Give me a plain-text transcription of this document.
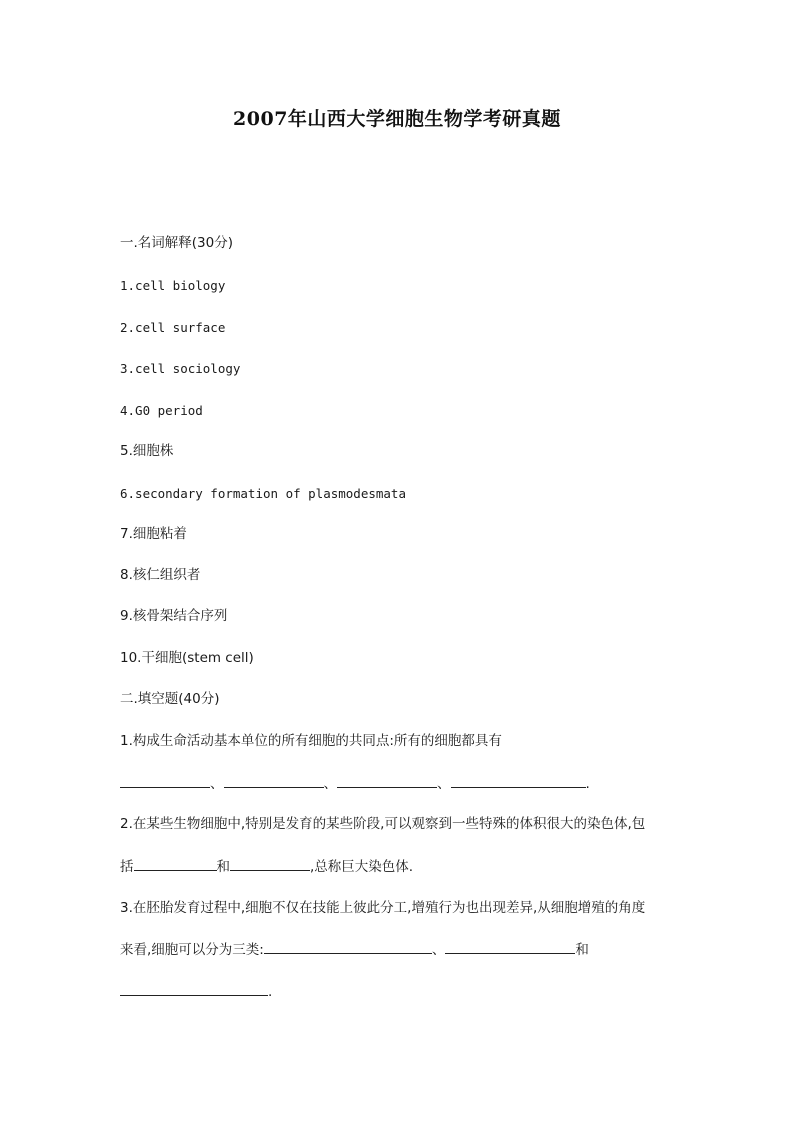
2007年山西大学细胞生物学考研真题
一.名词解释(30分)
1.cell biology
2.cell surface
3.cell sociology
4.G0 period
5.细胞株
6.secondary formation of plasmodesmata
7.细胞粘着
8.核仁组织者
9.核骨架结合序列
10.干细胞(stem cell)
二.填空题(40分)
1.构成生命活动基本单位的所有细胞的共同点:所有的细胞都具有
、	、	、	.
2.在某些生物细胞中,特别是发育的某些阶段,可以观察到一些特殊的体积很大的染色体,包
括	和	,总称巨大染色体.
3.在胚胎发育过程中,细胞不仅在技能上彼此分工,增殖行为也出现差异,从细胞增殖的角度
来看,细胞可以分为三类:	、	和
.
